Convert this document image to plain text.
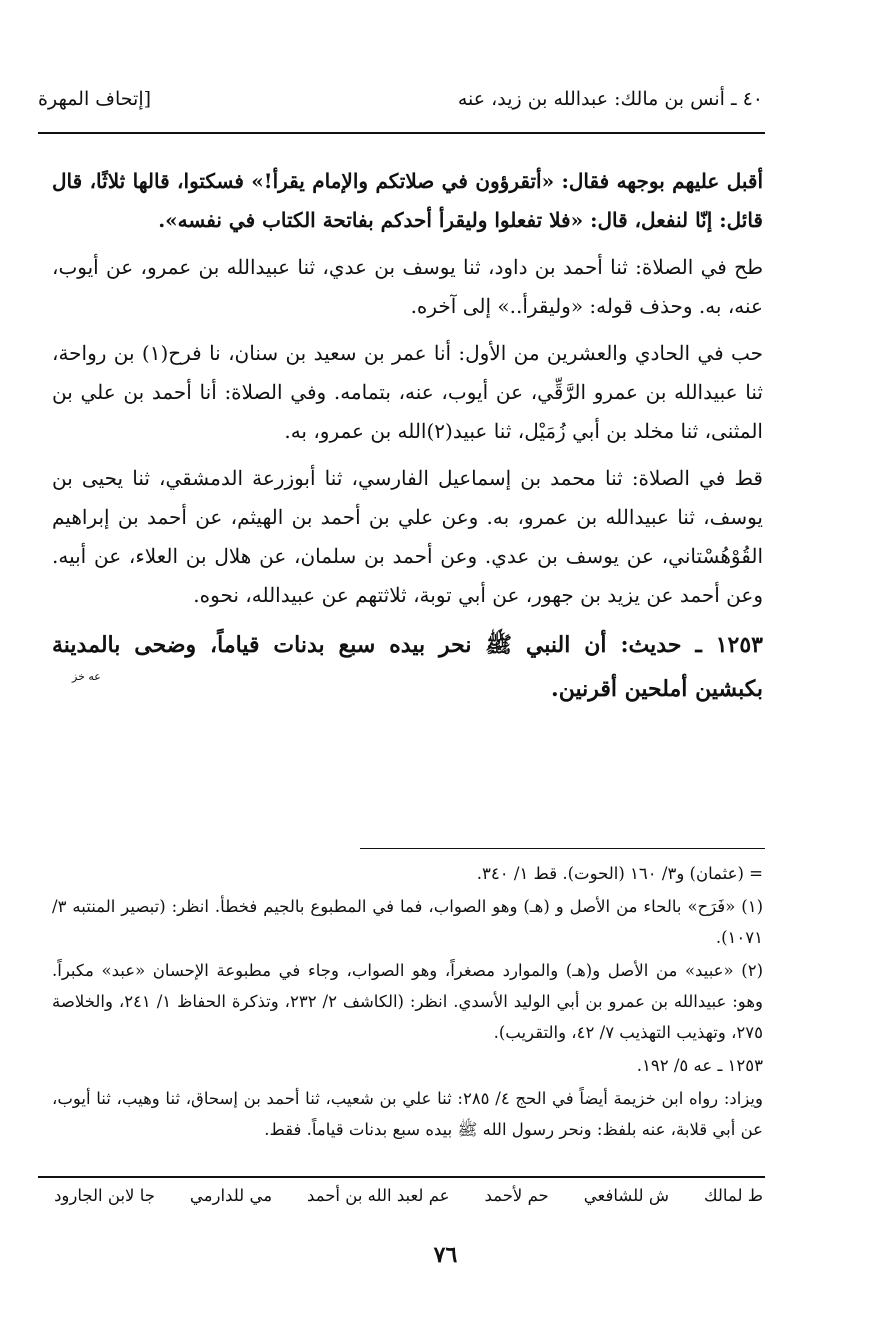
٤٠ ـ أنس بن مالك: عبدالله بن زيد، عنه
[إتحاف المهرة

أقبل عليهم بوجهه فقال: «أتقرؤون في صلاتكم والإمام يقرأ!» فسكتوا، قالها ثلاثًا، قال قائل: إنّا لنفعل، قال: «فلا تفعلوا وليقرأ أحدكم بفاتحة الكتاب في نفسه».

طح في الصلاة: ثنا أحمد بن داود، ثنا يوسف بن عدي، ثنا عبيدالله بن عمرو، عن أيوب، عنه، به. وحذف قوله: «وليقرأ..» إلى آخره.

حب في الحادي والعشرين من الأول: أنا عمر بن سعيد بن سنان، نا فرح(١) بن رواحة، ثنا عبيدالله بن عمرو الرَّقِّي، عن أيوب، عنه، بتمامه. وفي الصلاة: أنا أحمد بن علي بن المثنى، ثنا مخلد بن أبي زُمَيْل، ثنا عبيد(٢)الله بن عمرو، به.

قط في الصلاة: ثنا محمد بن إسماعيل الفارسي، ثنا أبوزرعة الدمشقي، ثنا يحيى بن يوسف، ثنا عبيدالله بن عمرو، به. وعن علي بن أحمد بن الهيثم، عن أحمد بن إبراهيم القُوْهُسْتاني، عن يوسف بن عدي. وعن أحمد بن سلمان، عن هلال بن العلاء، عن أبيه. وعن أحمد عن يزيد بن جهور، عن أبي توبة، ثلاثتهم عن عبيدالله، نحوه.

١٢٥٣ ـ حديث: أن النبي ﷺ نحر بيده سبع بدنات قياماً، وضحى بالمدينة بكبشين أملحين أقرنين.
عه خز

= (عثمان) و٣/ ١٦٠ (الحوت). قط ١/ ٣٤٠.

(١) «فَرَح» بالحاء من الأصل و (هـ) وهو الصواب، فما في المطبوع بالجيم فخطأ. انظر: (تبصير المنتبه ٣/ ١٠٧١).

(٢) «عبيد» من الأصل و(هـ) والموارد مصغراً، وهو الصواب، وجاء في مطبوعة الإحسان «عبد» مكبراً. وهو: عبيدالله بن عمرو بن أبي الوليد الأسدي. انظر: (الكاشف ٢/ ٢٣٢، وتذكرة الحفاظ ١/ ٢٤١، والخلاصة ٢٧٥، وتهذيب التهذيب ٧/ ٤٢، والتقريب).

١٢٥٣ ـ عه ٥/ ١٩٢.

ويزاد: رواه ابن خزيمة أيضاً في الحج ٤/ ٢٨٥: ثنا علي بن شعيب، ثنا أحمد بن إسحاق، ثنا وهيب، ثنا أيوب، عن أبي قلابة، عنه بلفظ: ونحر رسول الله ﷺ بيده سبع بدنات قياماً. فقط.

ط لمالك
ش للشافعي
حم لأحمد
عم لعبد الله بن أحمد
مي للدارمي
جا لابن الجارود
٧٦
